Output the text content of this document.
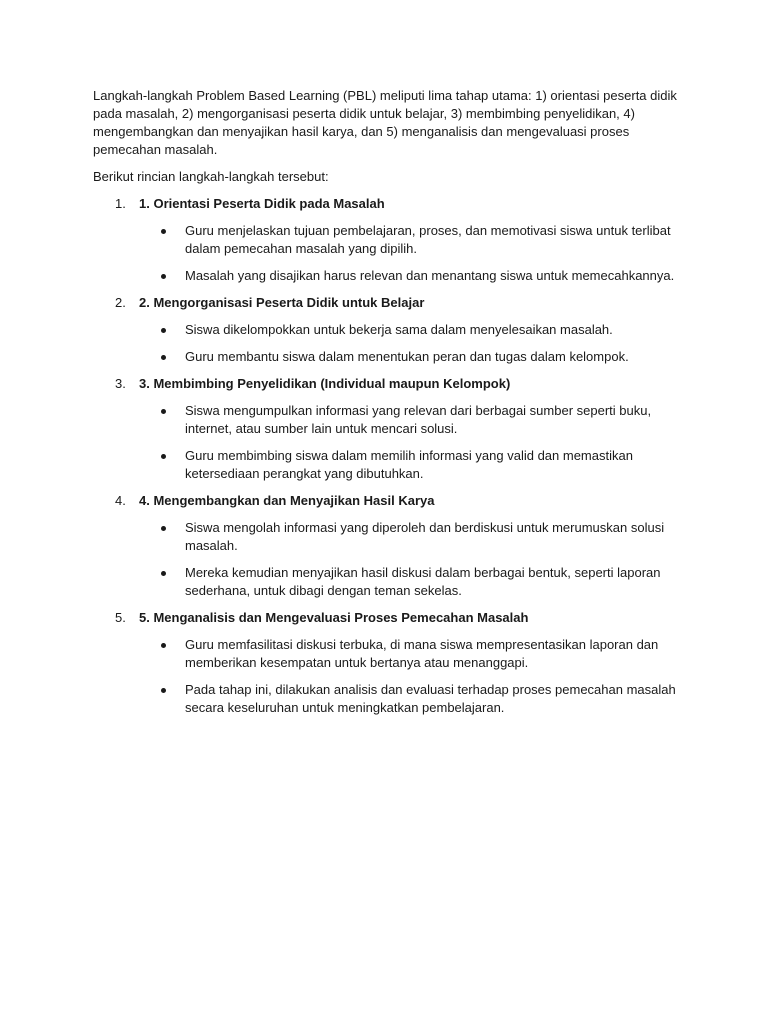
Langkah-langkah Problem Based Learning (PBL) meliputi lima tahap utama: 1) orientasi peserta didik pada masalah, 2) mengorganisasi peserta didik untuk belajar, 3) membimbing penyelidikan, 4) mengembangkan dan menyajikan hasil karya, dan 5) menganalisis dan mengevaluasi proses pemecahan masalah.

Berikut rincian langkah-langkah tersebut:

1. 1. Orientasi Peserta Didik pada Masalah
Guru menjelaskan tujuan pembelajaran, proses, dan memotivasi siswa untuk terlibat dalam pemecahan masalah yang dipilih.
Masalah yang disajikan harus relevan dan menantang siswa untuk memecahkannya.
2. 2. Mengorganisasi Peserta Didik untuk Belajar
Siswa dikelompokkan untuk bekerja sama dalam menyelesaikan masalah.
Guru membantu siswa dalam menentukan peran dan tugas dalam kelompok.
3. 3. Membimbing Penyelidikan (Individual maupun Kelompok)
Siswa mengumpulkan informasi yang relevan dari berbagai sumber seperti buku, internet, atau sumber lain untuk mencari solusi.
Guru membimbing siswa dalam memilih informasi yang valid dan memastikan ketersediaan perangkat yang dibutuhkan.
4. 4. Mengembangkan dan Menyajikan Hasil Karya
Siswa mengolah informasi yang diperoleh dan berdiskusi untuk merumuskan solusi masalah.
Mereka kemudian menyajikan hasil diskusi dalam berbagai bentuk, seperti laporan sederhana, untuk dibagi dengan teman sekelas.
5. 5. Menganalisis dan Mengevaluasi Proses Pemecahan Masalah
Guru memfasilitasi diskusi terbuka, di mana siswa mempresentasikan laporan dan memberikan kesempatan untuk bertanya atau menanggapi.
Pada tahap ini, dilakukan analisis dan evaluasi terhadap proses pemecahan masalah secara keseluruhan untuk meningkatkan pembelajaran.
